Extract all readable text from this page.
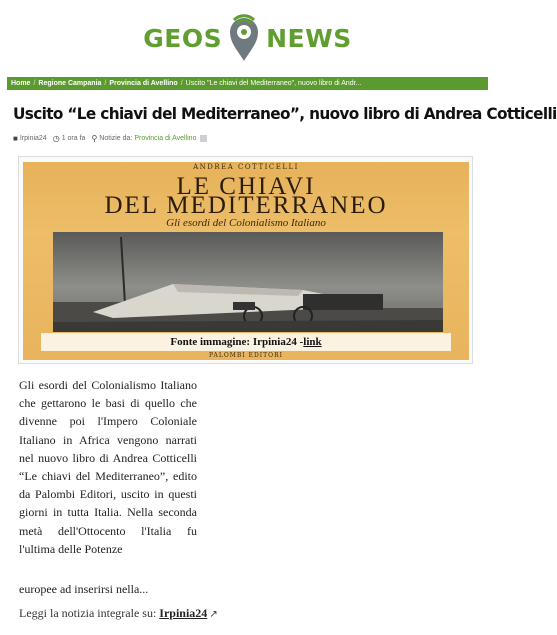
GEOS NEWS
Home / Regione Campania / Provincia di Avellino / Uscito "Le chiavi del Mediterraneo", nuovo libro di Andr...
Uscito “Le chiavi del Mediterraneo”, nuovo libro di Andrea Cotticelli
■ Irpinia24 ◷ 1 ora fa ⚲ Notizie da:
Provincia di Avellino
ANDREA COTTICELLI
LE CHIAVI
DEL MEDITERRANEO
Gli esordi del Colonialismo Italiano
Fonte immagine: Irpinia24 - link
PALOMBI EDITORI

Gli esordi del Colonialismo Italiano che gettarono le basi di quello che divenne poi l'Impero Coloniale Italiano in Africa vengono narrati nel nuovo libro di Andrea Cotticelli “Le chiavi del Mediterraneo”, edito da Palombi Editori, uscito in questi giorni in tutta Italia. Nella seconda metà dell'Ottocento l'Italia fu l'ultima delle Potenze

europee ad inserirsi nella...

Leggi la notizia integrale su: Irpinia24 ↗
